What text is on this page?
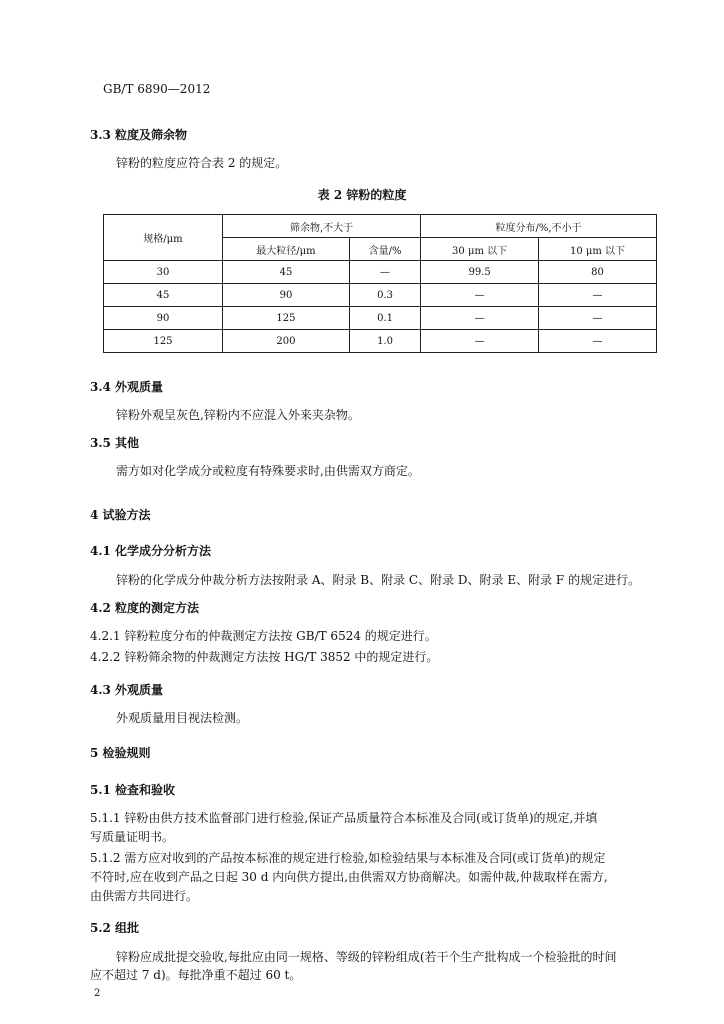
GB/T 6890—2012
3.3 粒度及筛余物
锌粉的粒度应符合表 2 的规定。
表 2 锌粉的粒度
规格/μm	筛余物,不大于		粒度分布/%,不小于	
	最大粒径/μm	含量/%	30 μm 以下	10 μm 以下
30	45	—	99.5	80
45	90	0.3	—	—
90	125	0.1	—	—
125	200	1.0	—	—
3.4 外观质量
锌粉外观呈灰色,锌粉内不应混入外来夹杂物。
3.5 其他
需方如对化学成分或粒度有特殊要求时,由供需双方商定。
4 试验方法
4.1 化学成分分析方法
锌粉的化学成分仲裁分析方法按附录 A、附录 B、附录 C、附录 D、附录 E、附录 F 的规定进行。
4.2 粒度的测定方法
4.2.1 锌粉粒度分布的仲裁测定方法按 GB/T 6524 的规定进行。
4.2.2 锌粉筛余物的仲裁测定方法按 HG/T 3852 中的规定进行。
4.3 外观质量
外观质量用目视法检测。
5 检验规则
5.1 检查和验收
5.1.1 锌粉由供方技术监督部门进行检验,保证产品质量符合本标准及合同(或订货单)的规定,并填
写质量证明书。
5.1.2 需方应对收到的产品按本标准的规定进行检验,如检验结果与本标准及合同(或订货单)的规定
不符时,应在收到产品之日起 30 d 内向供方提出,由供需双方协商解决。如需仲裁,仲裁取样在需方,
由供需方共同进行。
5.2 组批
锌粉应成批提交验收,每批应由同一规格、等级的锌粉组成(若干个生产批构成一个检验批的时间
应不超过 7 d)。每批净重不超过 60 t。
2
